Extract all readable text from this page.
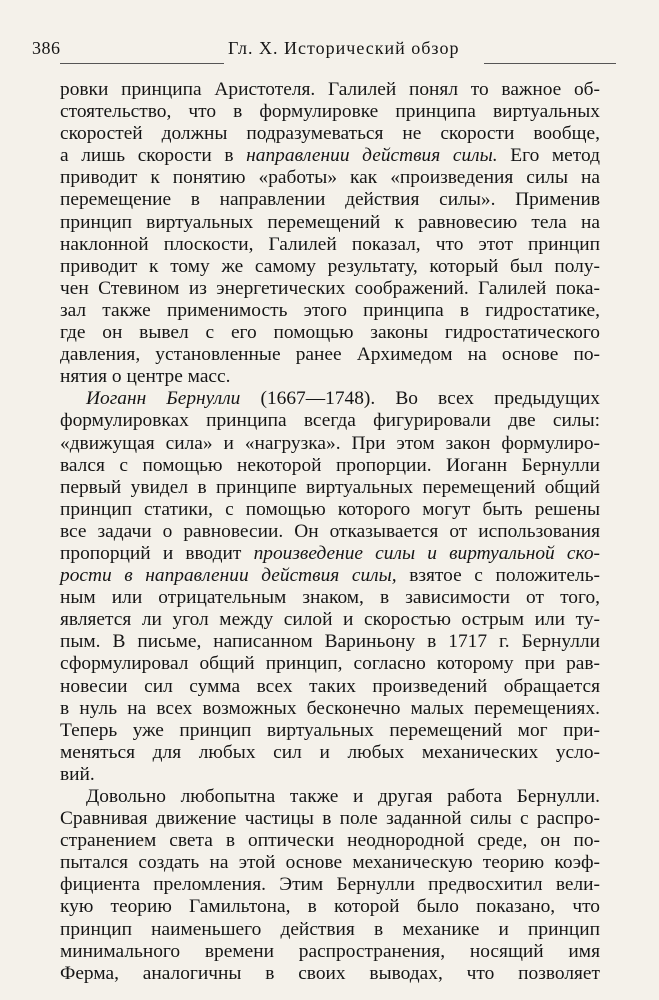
386	Гл. X. Исторический обзор

ровки принципа Аристотеля. Галилей понял то важное об-
стоятельство, что в формулировке принципа виртуальных
скоростей должны подразумеваться не скорости вообще,
а лишь скорости в направлении действия силы. Его метод
приводит к понятию «работы» как «произведения силы на
перемещение в направлении действия силы». Применив
принцип виртуальных перемещений к равновесию тела на
наклонной плоскости, Галилей показал, что этот принцип
приводит к тому же самому результату, который был полу-
чен Стевином из энергетических соображений. Галилей пока-
зал также применимость этого принципа в гидростатике,
где он вывел с его помощью законы гидростатического
давления, установленные ранее Архимедом на основе по-
нятия о центре масс.

Иоганн Бернулли (1667—1748). Во всех предыдущих
формулировках принципа всегда фигурировали две силы:
«движущая сила» и «нагрузка». При этом закон формулиро-
вался с помощью некоторой пропорции. Иоганн Бернулли
первый увидел в принципе виртуальных перемещений общий
принцип статики, с помощью которого могут быть решены
все задачи о равновесии. Он отказывается от использования
пропорций и вводит произведение силы и виртуальной ско-
рости в направлении действия силы, взятое с положитель-
ным или отрицательным знаком, в зависимости от того,
является ли угол между силой и скоростью острым или ту-
пым. В письме, написанном Вариньону в 1717 г. Бернулли
сформулировал общий принцип, согласно которому при рав-
новесии сил сумма всех таких произведений обращается
в нуль на всех возможных бесконечно малых перемещениях.
Теперь уже принцип виртуальных перемещений мог при-
меняться для любых сил и любых механических усло-
вий.

Довольно любопытна также и другая работа Бернулли.
Сравнивая движение частицы в поле заданной силы с распро-
странением света в оптически неоднородной среде, он по-
пытался создать на этой основе механическую теорию коэф-
фициента преломления. Этим Бернулли предвосхитил вели-
кую теорию Гамильтона, в которой было показано, что
принцип наименьшего действия в механике и принцип
минимального времени распространения, носящий имя
Ферма, аналогичны в своих выводах, что позволяет
